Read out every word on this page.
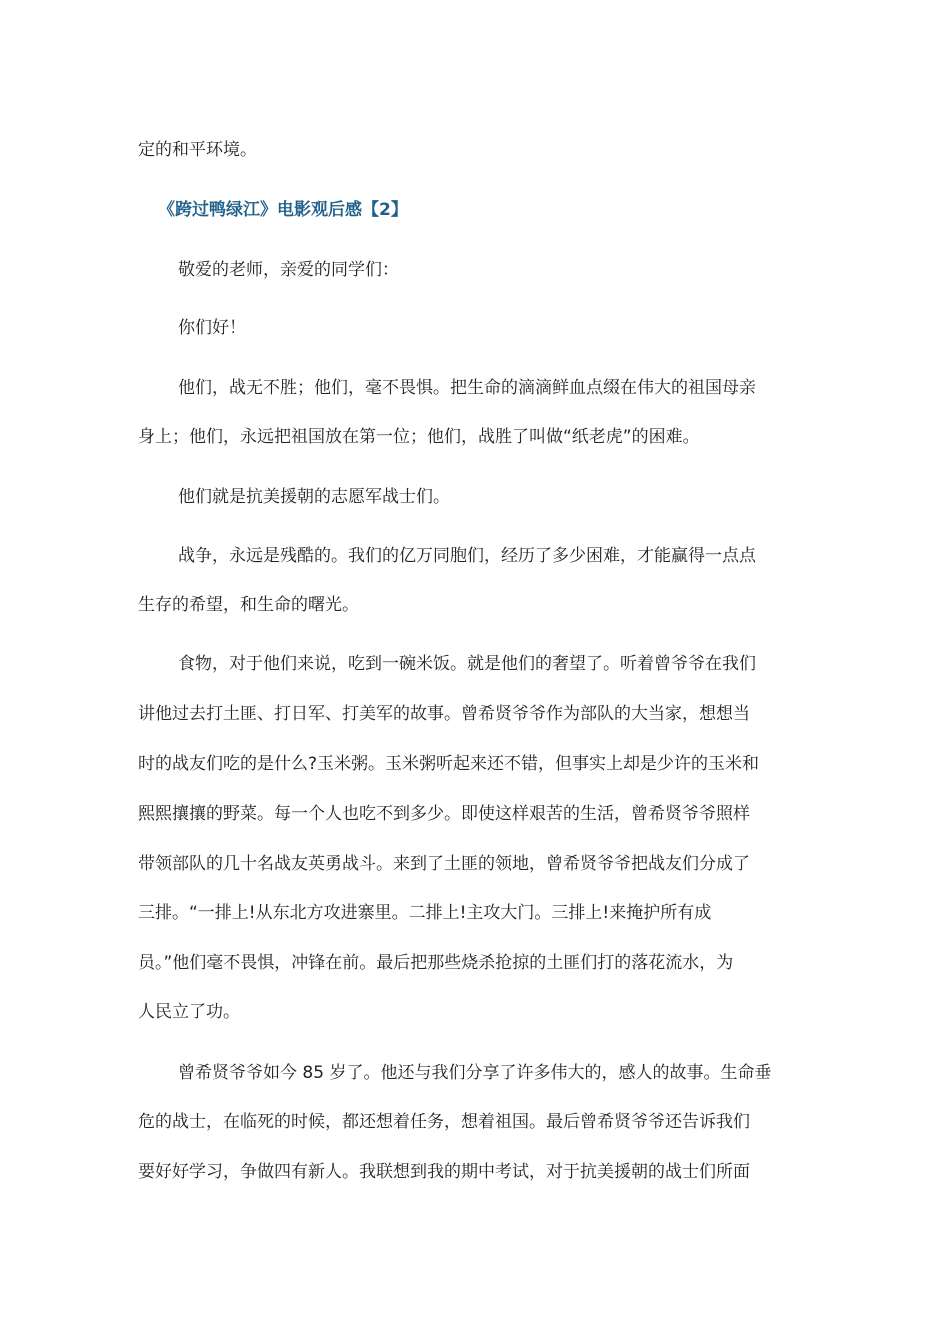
定的和平环境。
《跨过鸭绿江》电影观后感【2】
敬爱的老师，亲爱的同学们：
你们好！
他们，战无不胜；他们，毫不畏惧。把生命的滴滴鲜血点缀在伟大的祖国母亲
身上；他们，永远把祖国放在第一位；他们，战胜了叫做“纸老虎”的困难。
他们就是抗美援朝的志愿军战士们。
战争，永远是残酷的。我们的亿万同胞们，经历了多少困难，才能赢得一点点
生存的希望，和生命的曙光。
食物，对于他们来说，吃到一碗米饭。就是他们的奢望了。听着曾爷爷在我们
讲他过去打土匪、打日军、打美军的故事。曾希贤爷爷作为部队的大当家，想想当
时的战友们吃的是什么?玉米粥。玉米粥听起来还不错，但事实上却是少许的玉米和
熙熙攘攘的野菜。每一个人也吃不到多少。即使这样艰苦的生活，曾希贤爷爷照样
带领部队的几十名战友英勇战斗。来到了土匪的领地，曾希贤爷爷把战友们分成了
三排。“一排上!从东北方攻进寨里。二排上!主攻大门。三排上!来掩护所有成
员。”他们毫不畏惧，冲锋在前。最后把那些烧杀抢掠的土匪们打的落花流水，为
人民立了功。
曾希贤爷爷如今 85 岁了。他还与我们分享了许多伟大的，感人的故事。生命垂
危的战士，在临死的时候，都还想着任务，想着祖国。最后曾希贤爷爷还告诉我们
要好好学习，争做四有新人。我联想到我的期中考试，对于抗美援朝的战士们所面
